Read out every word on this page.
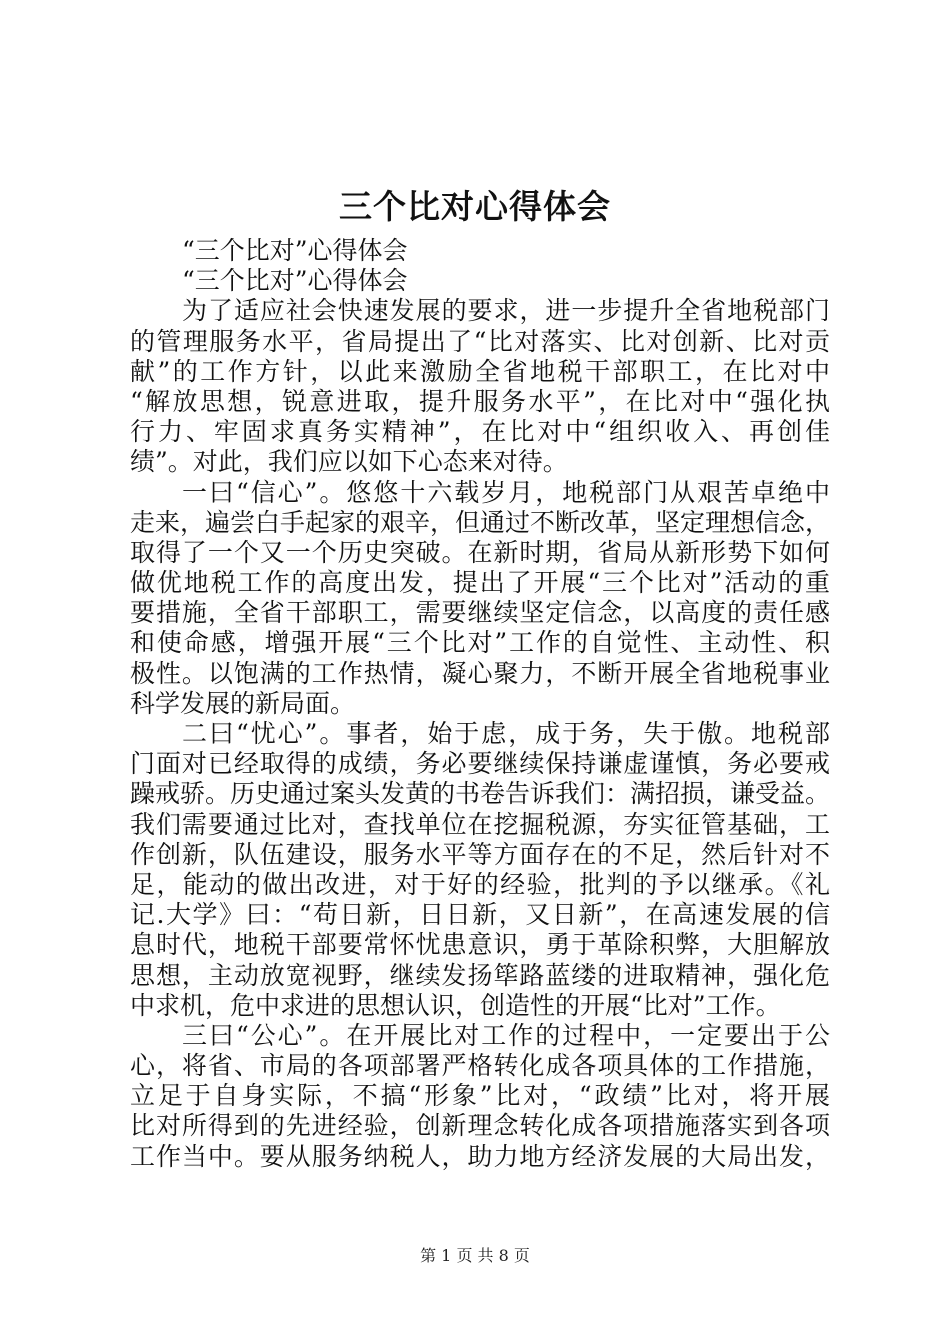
三个比对心得体会
“三个比对”心得体会
“三个比对”心得体会
为了适应社会快速发展的要求，进一步提升全省地税部门
的管理服务水平，省局提出了“比对落实、比对创新、比对贡
献”的工作方针，以此来激励全省地税干部职工，在比对中
“解放思想，锐意进取，提升服务水平”，在比对中“强化执
行力、牢固求真务实精神”，在比对中“组织收入、再创佳
绩”。对此，我们应以如下心态来对待。
一曰“信心”。悠悠十六载岁月，地税部门从艰苦卓绝中
走来，遍尝白手起家的艰辛，但通过不断改革，坚定理想信念，
取得了一个又一个历史突破。在新时期，省局从新形势下如何
做优地税工作的高度出发，提出了开展“三个比对”活动的重
要措施，全省干部职工，需要继续坚定信念，以高度的责任感
和使命感，增强开展“三个比对”工作的自觉性、主动性、积
极性。以饱满的工作热情，凝心聚力，不断开展全省地税事业
科学发展的新局面。
二曰“忧心”。事者，始于虑，成于务，失于傲。地税部
门面对已经取得的成绩，务必要继续保持谦虚谨慎，务必要戒
躁戒骄。历史通过案头发黄的书卷告诉我们：满招损，谦受益。
我们需要通过比对，查找单位在挖掘税源，夯实征管基础，工
作创新，队伍建设，服务水平等方面存在的不足，然后针对不
足，能动的做出改进，对于好的经验，批判的予以继承。《礼
记.大学》曰：“苟日新，日日新，又日新”，在高速发展的信
息时代，地税干部要常怀忧患意识，勇于革除积弊，大胆解放
思想，主动放宽视野，继续发扬筚路蓝缕的进取精神，强化危
中求机，危中求进的思想认识，创造性的开展“比对”工作。
三曰“公心”。在开展比对工作的过程中，一定要出于公
心，将省、市局的各项部署严格转化成各项具体的工作措施，
立足于自身实际，不搞“形象”比对，“政绩”比对，将开展
比对所得到的先进经验，创新理念转化成各项措施落实到各项
工作当中。要从服务纳税人，助力地方经济发展的大局出发，
第 1 页 共 8 页
